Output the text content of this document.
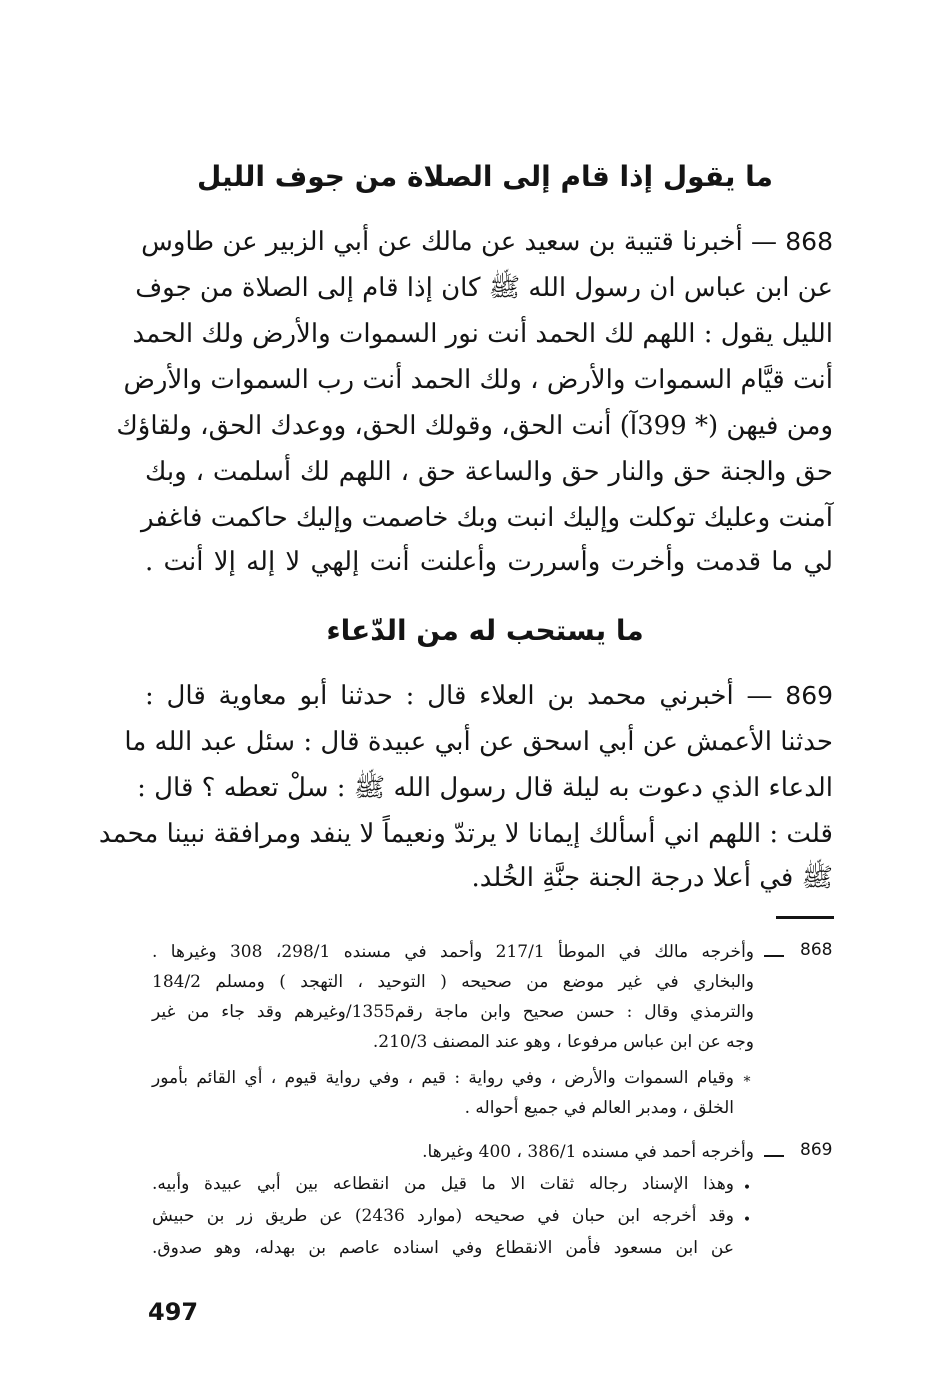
ما يقول إذا قام إلى الصلاة من جوف الليل
868 — أخبرنا قتيبة بن سعيد عن مالك عن أبي الزبير عن طاوس
عن ابن عباس ان رسول الله ﷺ كان إذا قام إلى الصلاة من جوف
الليل يقول : اللهم لك الحمد أنت نور السموات والأرض ولك الحمد
أنت قيَّام السموات والأرض ، ولك الحمد أنت رب السموات والأرض
ومن فيهن (* 399آ) أنت الحق، وقولك الحق، ووعدك الحق، ولقاؤك
حق والجنة حق والنار حق والساعة حق ، اللهم لك أسلمت ، وبك
آمنت وعليك توكلت وإليك انبت وبك خاصمت وإليك حاكمت فاغفر
لي ما قدمت وأخرت وأسررت وأعلنت أنت إلهي لا إله إلا أنت .
ما يستحب له من الدّعاء
869 — أخبرني محمد بن العلاء قال : حدثنا أبو معاوية قال :
حدثنا الأعمش عن أبي اسحق عن أبي عبيدة قال : سئل عبد الله ما
الدعاء الذي دعوت به ليلة قال رسول الله ﷺ : سلْ تعطه ؟ قال :
قلت : اللهم اني أسألك إيمانا لا يرتدّ ونعيماً لا ينفد ومرافقة نبينا محمد
ﷺ في أعلا درجة الجنة جنَّةِ الخُلد.
868
وأخرجه مالك في الموطأ 217/1 وأحمد في مسنده 298/1، 308 وغيرها .
والبخاري في غير موضع من صحيحه ( التوحيد ، التهجد ) ومسلم 184/2
والترمذي وقال : حسن صحيح وابن ماجة رقم1355/وغيرهم وقد جاء من غير
وجه عن ابن عباس مرفوعا ، وهو عند المصنف 210/3.
*
وقيام السموات والأرض ، وفي رواية : قيم ، وفي رواية قيوم ، أي القائم بأمور
الخلق ، ومدبر العالم في جميع أحواله .
869
وأخرجه أحمد في مسنده 386/1 ، 400 وغيرها.
•
وهذا الإسناد رجاله ثقات الا ما قيل من انقطاعه بين أبي عبيدة وأبيه.
•
وقد أخرجه ابن حبان في صحيحه (موارد 2436) عن طريق زر بن حبيش
عن ابن مسعود فأمن الانقطاع وفي اسناده عاصم بن بهدله، وهو صدوق.
497
